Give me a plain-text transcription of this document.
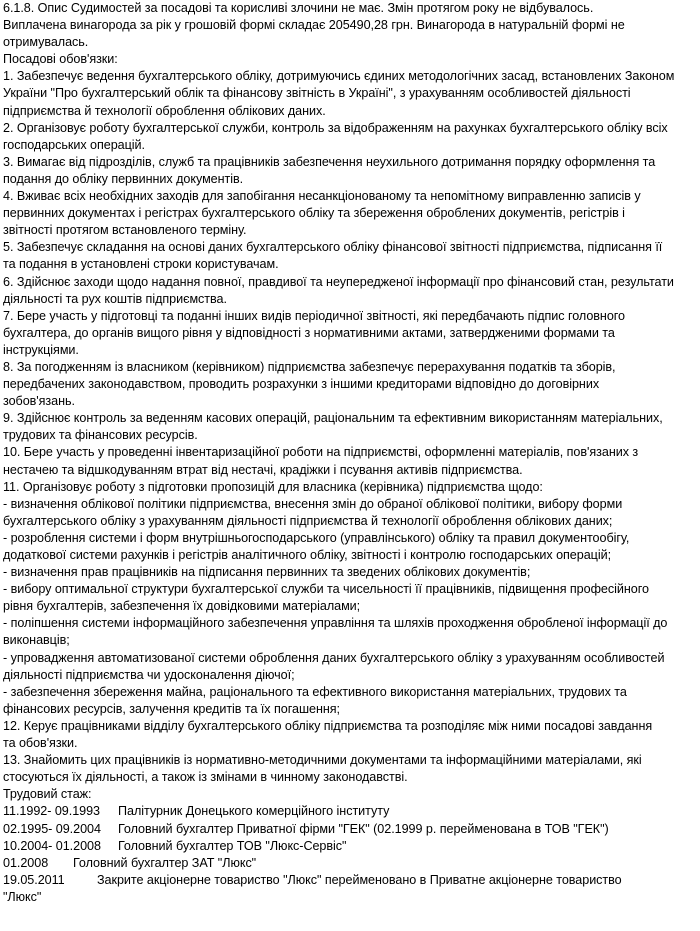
6.1.8. Опис Судимостей за посадові та корисливі злочини не має. Змін протягом року не відбувалось.
Виплачена винагорода за рік у грошовій формі складає 205490,28 грн. Винагорода в натуральній формі не
отримувалась.
Посадові обов'язки:
1. Забезпечує ведення бухгалтерського обліку, дотримуючись єдиних методологічних засад, встановлених Законом
України "Про бухгалтерський облік та фінансову звітність в Україні", з урахуванням особливостей діяльності
підприємства й технології оброблення облікових даних.
2. Організовує роботу бухгалтерської служби, контроль за відображенням на рахунках бухгалтерського обліку всіх
господарських операцій.
3. Вимагає від підрозділів, служб та працівників забезпечення неухильного дотримання порядку оформлення та
подання до обліку первинних документів.
4. Вживає всіх необхідних заходів для запобігання несанкціонованому та непомітному виправленню записів у
первинних документах і регістрах бухгалтерського обліку та збереження оброблених документів, регістрів і
звітності протягом встановленого терміну.
5. Забезпечує складання на основі даних бухгалтерського обліку фінансової звітності підприємства, підписання її
та подання в установлені строки користувачам.
6. Здійснює заходи щодо надання повної, правдивої та неупередженої інформації про фінансовий стан, результати
діяльності та рух коштів підприємства.
7. Бере участь у підготовці та поданні інших видів періодичної звітності, які передбачають підпис головного
бухгалтера, до органів вищого рівня у відповідності з нормативними актами, затвердженими формами та
інструкціями.
8. За погодженням із власником (керівником) підприємства забезпечує перерахування податків та зборів,
передбачених законодавством, проводить розрахунки з іншими кредиторами відповідно до договірних
зобов'язань.
9. Здійснює контроль за веденням касових операцій, раціональним та ефективним використанням матеріальних,
трудових та фінансових ресурсів.
10. Бере участь у проведенні інвентаризаційної роботи на підприємстві, оформленні матеріалів, пов'язаних з
нестачею та відшкодуванням втрат від нестачі, крадіжки і псування активів підприємства.
11. Організовує роботу з підготовки пропозицій для власника (керівника) підприємства щодо:
- визначення облікової політики підприємства, внесення змін до обраної облікової політики, вибору форми
бухгалтерського обліку з урахуванням діяльності підприємства й технології оброблення облікових даних;
- розроблення системи і форм внутрішньогосподарського (управлінського) обліку та правил документообігу,
додаткової системи рахунків і регістрів аналітичного обліку, звітності і контролю господарських операцій;
- визначення прав працівників на підписання первинних та зведених облікових документів;
- вибору оптимальної структури бухгалтерської служби та чисельності її працівників, підвищення професійного
рівня бухгалтерів, забезпечення їх довідковими матеріалами;
- поліпшення системи інформаційного забезпечення управління та шляхів проходження обробленої інформації до
виконавців;
- упровадження автоматизованої системи оброблення даних бухгалтерського обліку з урахуванням особливостей
діяльності підприємства чи удосконалення діючої;
- забезпечення збереження майна, раціонального та ефективного використання матеріальних, трудових та
фінансових ресурсів, залучення кредитів та їх погашення;
12. Керує працівниками відділу бухгалтерського обліку підприємства та розподіляє між ними посадові завдання
та обов'язки.
13. Знайомить цих працівників із нормативно-методичними документами та інформаційними матеріалами, які
стосуються їх діяльності, а також із змінами в чинному законодавстві.
Трудовий стаж:
11.1992- 09.1993 Палітурник Донецького комерційного інституту
02.1995- 09.2004 Головний бухгалтер Приватної фірми "ГЕК" (02.1999 р. перейменована в ТОВ "ГЕК")
10.2004- 01.2008 Головний бухгалтер ТОВ "Люкс-Сервіс"
01.2008 Головний бухгалтер ЗАТ "Люкс"
19.05.2011	Закрите акціонерне товариство "Люкс" перейменовано в Приватне акціонерне товариство
"Люкс"
